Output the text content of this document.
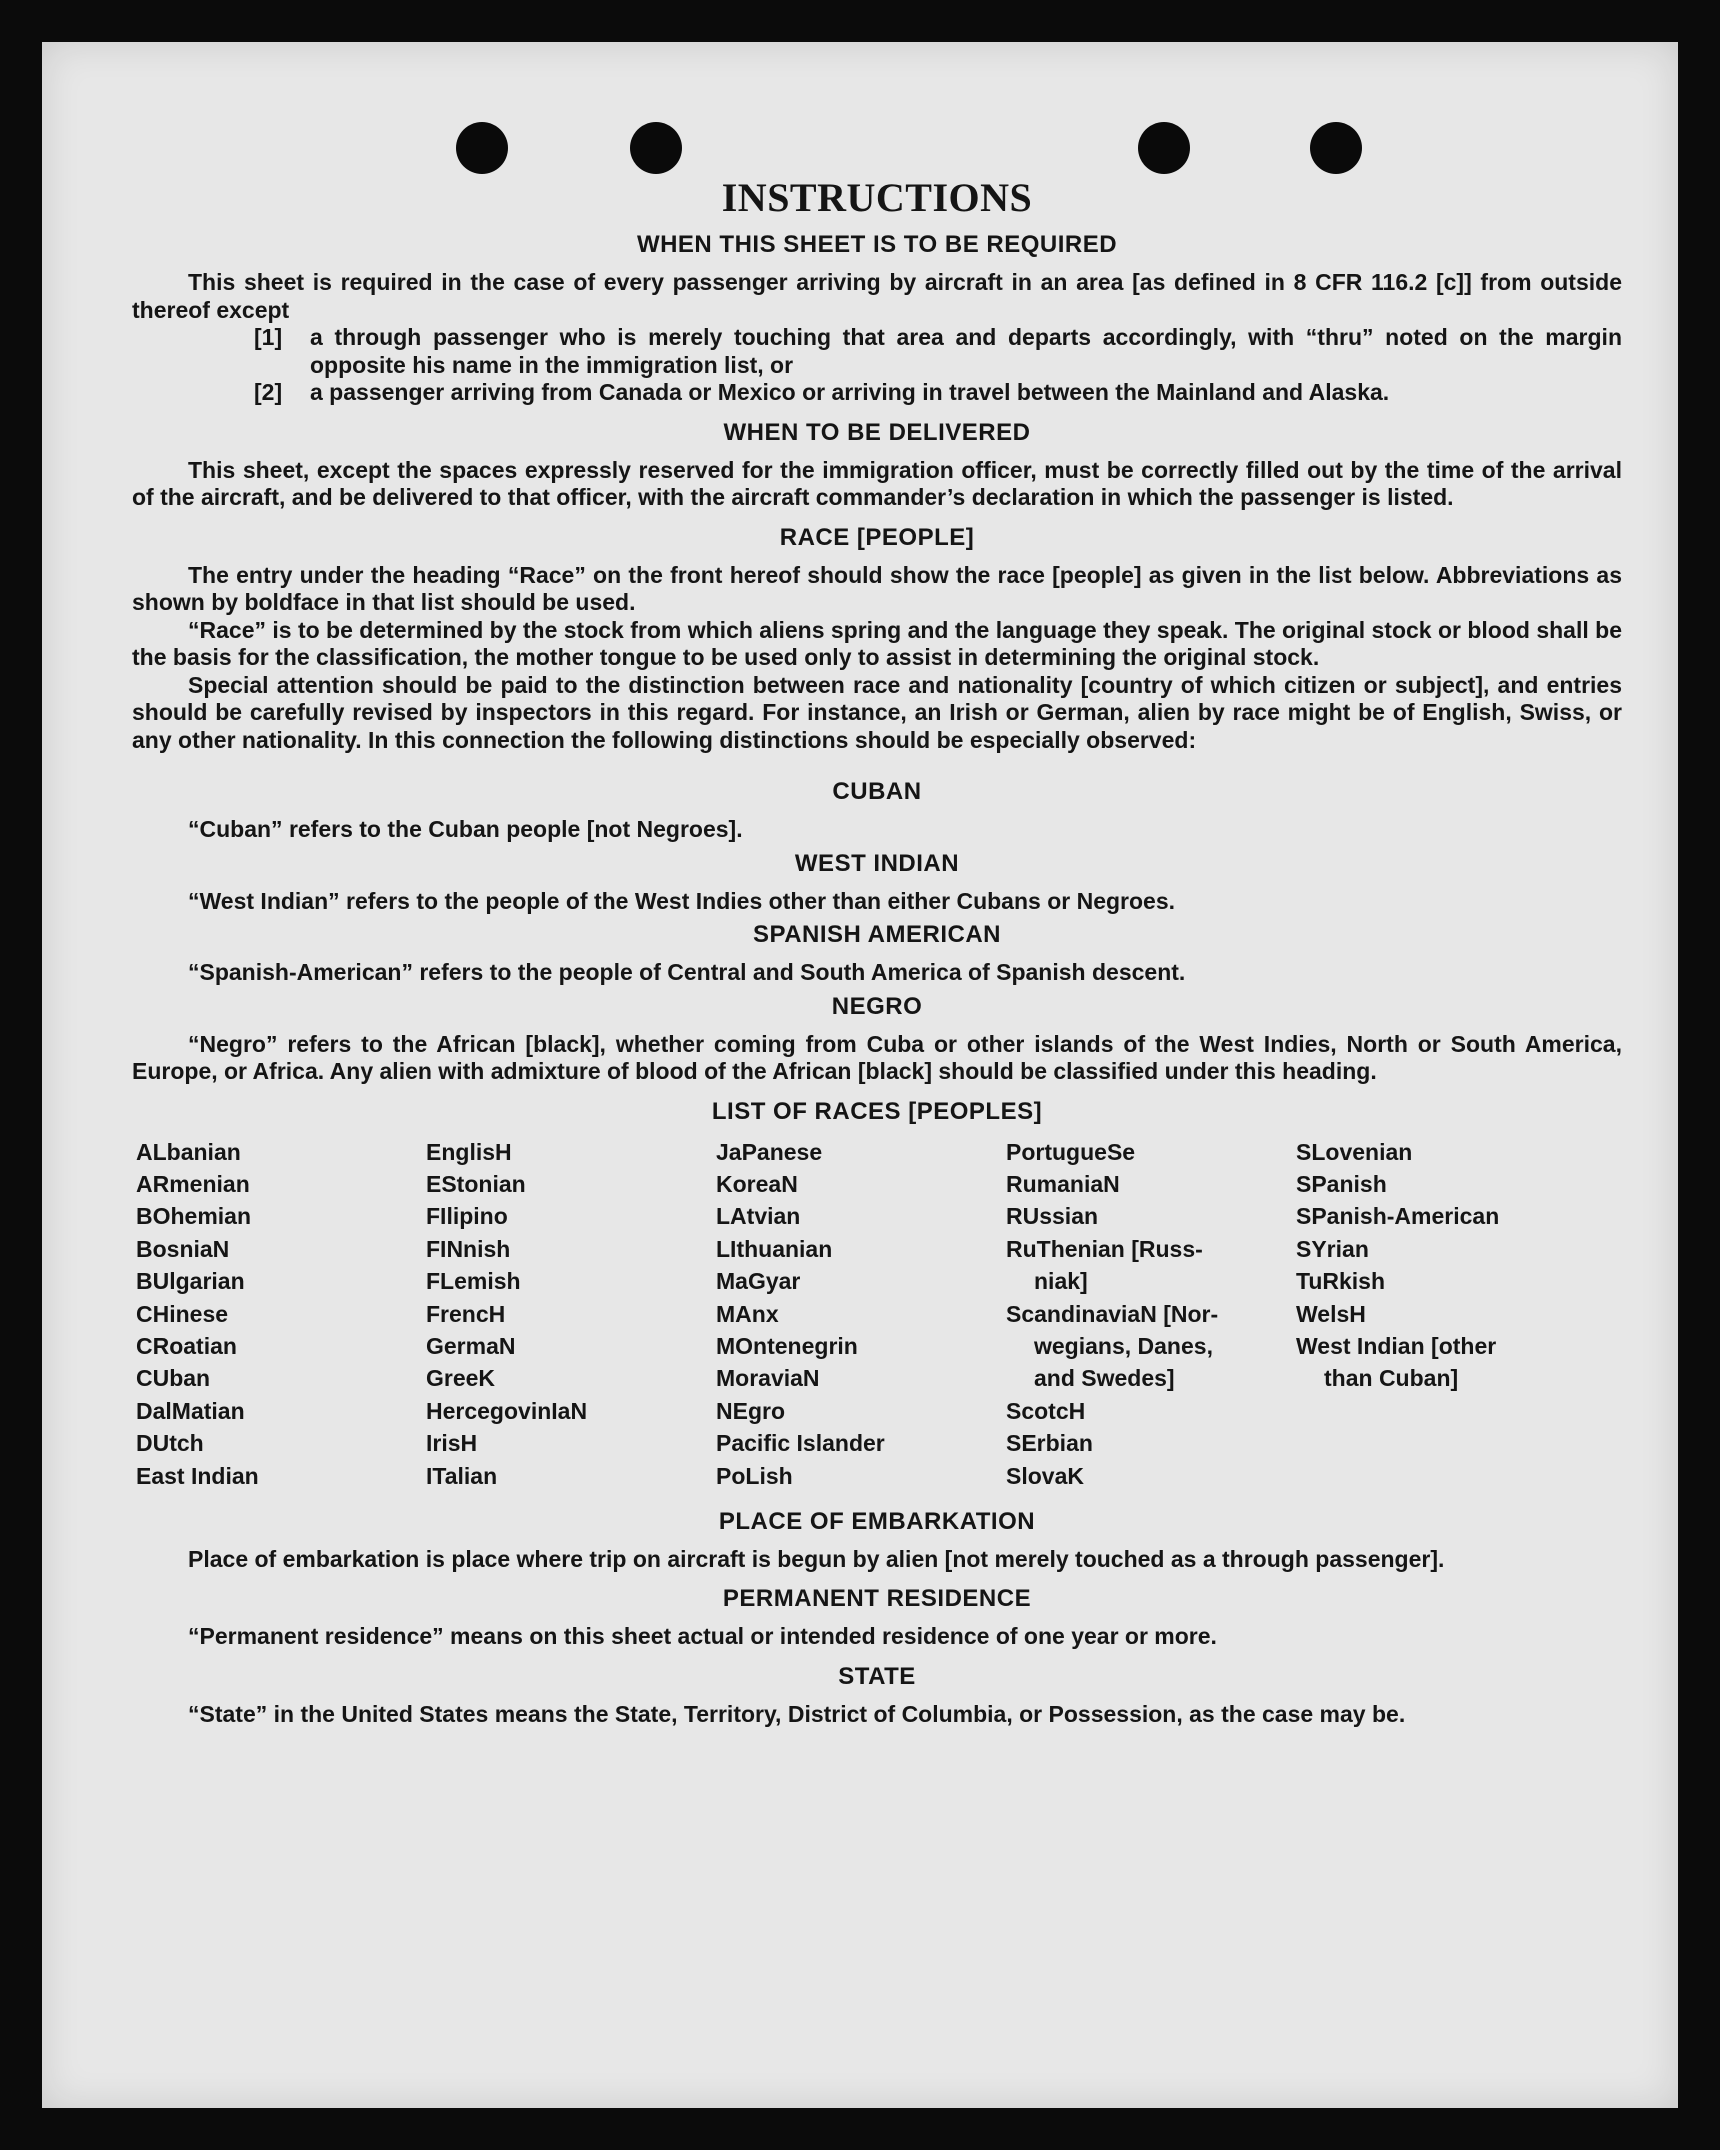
INSTRUCTIONS
WHEN THIS SHEET IS TO BE REQUIRED

This sheet is required in the case of every passenger arriving by aircraft in an area [as defined in 8 CFR 116.2 [c]] from outside thereof except

[1]	a through passenger who is merely touching that area and departs accordingly, with “thru” noted on the margin opposite his name in the immigration list, or
[2]	a passenger arriving from Canada or Mexico or arriving in travel between the Mainland and Alaska.
WHEN TO BE DELIVERED

This sheet, except the spaces expressly reserved for the immigration officer, must be correctly filled out by the time of the arrival of the aircraft, and be delivered to that officer, with the aircraft commander’s declaration in which the passenger is listed.

RACE [PEOPLE]

The entry under the heading “Race” on the front hereof should show the race [people] as given in the list below. Abbreviations as shown by boldface in that list should be used.

“Race” is to be determined by the stock from which aliens spring and the language they speak. The original stock or blood shall be the basis for the classification, the mother tongue to be used only to assist in determining the original stock.

Special attention should be paid to the distinction between race and nationality [country of which citizen or subject], and entries should be carefully revised by inspectors in this regard. For instance, an Irish or German, alien by race might be of English, Swiss, or any other nationality. In this connection the following distinctions should be especially observed:

CUBAN

“Cuban” refers to the Cuban people [not Negroes].

WEST INDIAN

“West Indian” refers to the people of the West Indies other than either Cubans or Negroes.

SPANISH AMERICAN

“Spanish-American” refers to the people of Central and South America of Spanish descent.

NEGRO

“Negro” refers to the African [black], whether coming from Cuba or other islands of the West Indies, North or South America, Europe, or Africa. Any alien with admixture of blood of the African [black] should be classified under this heading.

LIST OF RACES [PEOPLES]
ALbanian
ARmenian
BOhemian
BosniaN
BUlgarian
CHinese
CRoatian
CUban
DalMatian
DUtch
East Indian
EnglisH
EStonian
FIlipino
FINnish
FLemish
FrencH
GermaN
GreeK
HercegovinIaN
IrisH
ITalian
JaPanese
KoreaN
LAtvian
LIthuanian
MaGyar
MAnx
MOntenegrin
MoraviaN
NEgro
Pacific Islander
PoLish
PortugueSe
RumaniaN
RUssian
RuThenian [Russ-
niak]
ScandinaviaN [Nor-
wegians, Danes,
and Swedes]
ScotcH
SErbian
SlovaK
SLovenian
SPanish
SPanish-American
SYrian
TuRkish
WelsH
West Indian [other
than Cuban]
PLACE OF EMBARKATION

Place of embarkation is place where trip on aircraft is begun by alien [not merely touched as a through passenger].

PERMANENT RESIDENCE

“Permanent residence” means on this sheet actual or intended residence of one year or more.

STATE

“State” in the United States means the State, Territory, District of Columbia, or Possession, as the case may be.
